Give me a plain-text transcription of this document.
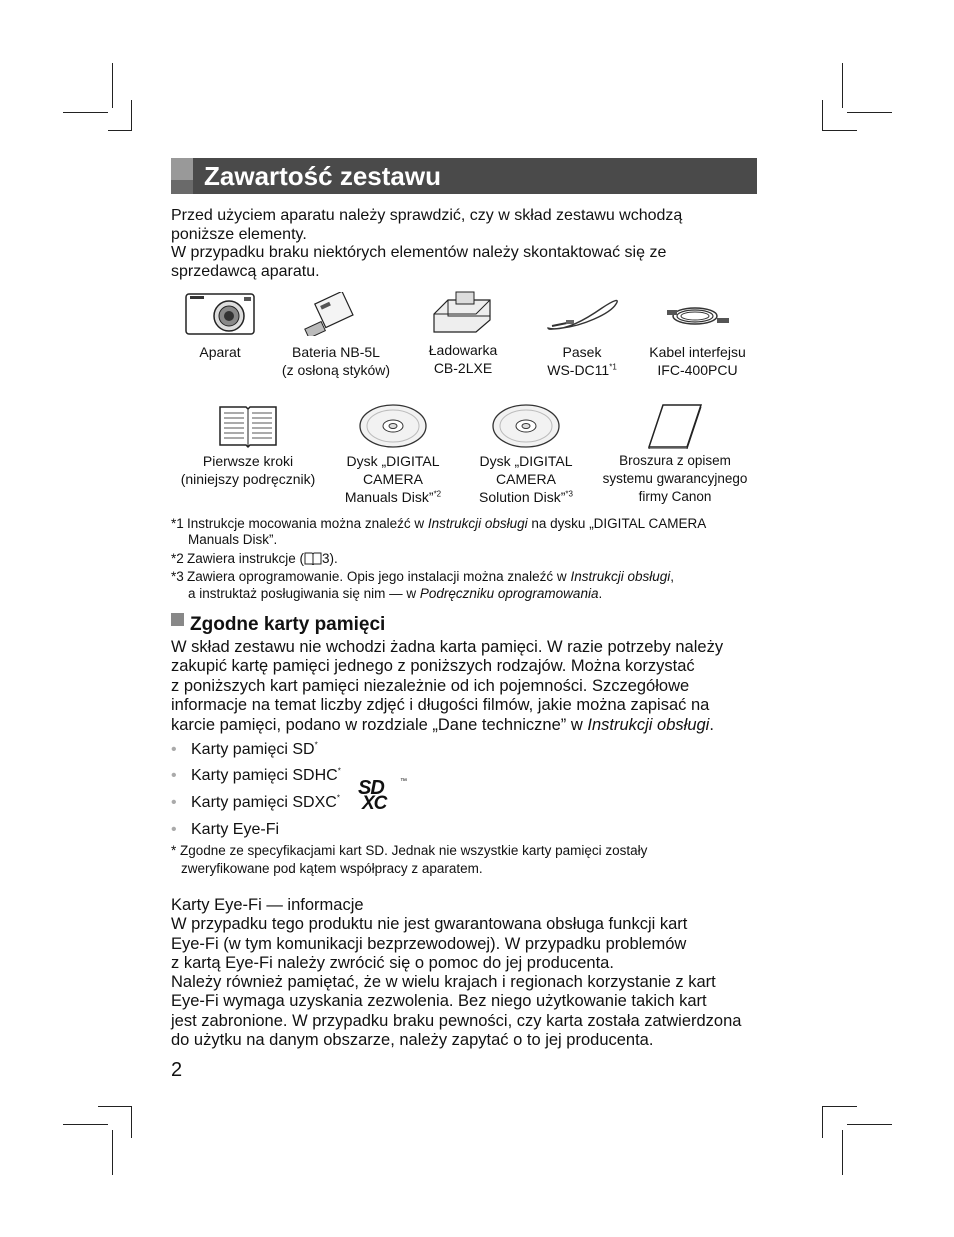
Zawartość zestawu
Przed użyciem aparatu należy sprawdzić, czy w skład zestawu wchodzą
poniższe elementy.
W przypadku braku niektórych elementów należy skontaktować się ze
sprzedawcą aparatu.
Aparat	Bateria NB-5L
(z osłoną styków)
Ładowarka
CB-2LXE
Pasek
WS-DC11$^{*1}$
Kabel interfejsu
IFC-400PCU
Pierwsze kroki
(niniejszy podręcznik)
Dysk „DIGITAL
CAMERA
Manuals Disk”$^{*2}$
Dysk „DIGITAL
CAMERA
Solution Disk”$^{*3}$
Broszura z opisem
systemu gwarancyjnego
firmy Canon
*1 Instrukcje mocowania można znaleźć w Instrukcji obsługi na dysku „DIGITAL CAMERA
Manuals Disk”.
*2 Zawiera instrukcje ( 3).
*3 Zawiera oprogramowanie. Opis jego instalacji można znaleźć w Instrukcji obsługi,
a instruktaż posługiwania się nim — w Podręczniku oprogramowania.
Zgodne karty pamięci
W skład zestawu nie wchodzi żadna karta pamięci. W razie potrzeby należy
zakupić kartę pamięci jednego z poniższych rodzajów. Można korzystać
z poniższych kart pamięci niezależnie od ich pojemności. Szczegółowe
informacje na temat liczby zdjęć i długości filmów, jakie można zapisać na
karcie pamięci, podano w rozdziale „Dane techniczne” w Instrukcji obsługi.
• Karty pamięci SD*
• Karty pamięci SDHC*
• Karty pamięci SDXC*
• Karty Eye-Fi
SD
XC
™
* Zgodne ze specyfikacjami kart SD. Jednak nie wszystkie karty pamięci zostały
zweryfikowane pod kątem współpracy z aparatem.
Karty Eye-Fi — informacje
W przypadku tego produktu nie jest gwarantowana obsługa funkcji kart
Eye-Fi (w tym komunikacji bezprzewodowej). W przypadku problemów
z kartą Eye-Fi należy zwrócić się o pomoc do jej producenta.
Należy również pamiętać, że w wielu krajach i regionach korzystanie z kart
Eye-Fi wymaga uzyskania zezwolenia. Bez niego użytkowanie takich kart
jest zabronione. W przypadku braku pewności, czy karta została zatwierdzona
do użytku na danym obszarze, należy zapytać o to jej producenta.
2
